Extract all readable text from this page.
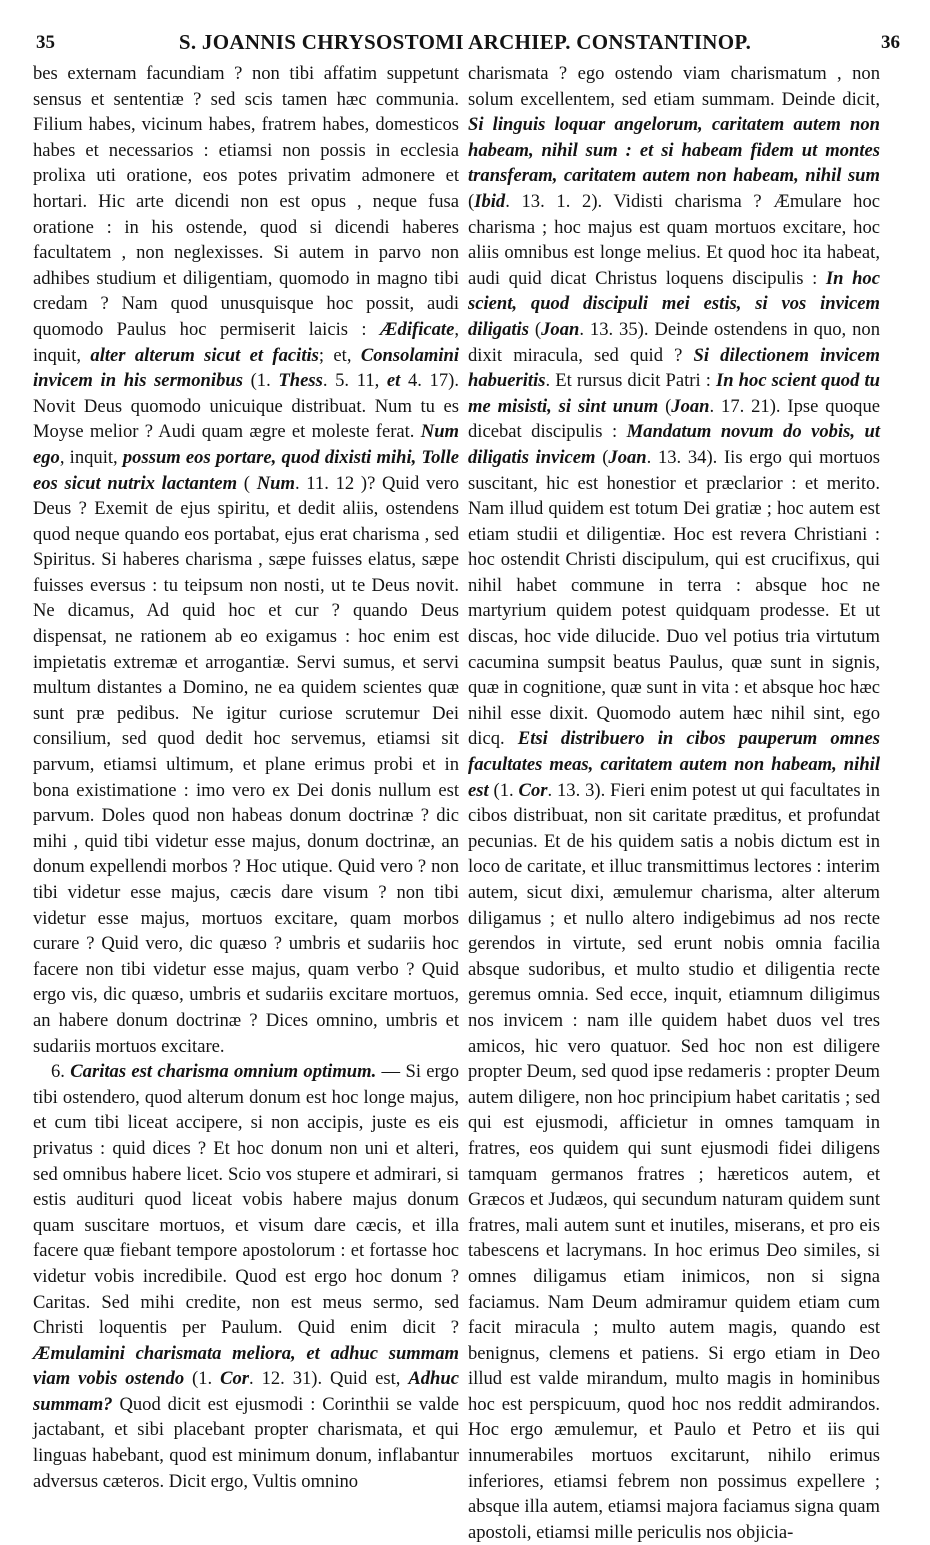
35	S. JOANNIS CHRYSOSTOMI ARCHIEP. CONSTANTINOP.	36

bes externam facundiam ? non tibi affatim suppetunt sensus et sententiæ ? sed scis tamen hæc communia. Filium habes, vicinum habes, fratrem habes, domesticos habes et necessarios : etiamsi non possis in ecclesia prolixa uti oratione, eos potes privatim admonere et hortari. Hic arte dicendi non est opus , neque fusa oratione : in his ostende, quod si dicendi haberes facultatem , non neglexisses. Si autem in parvo non adhibes studium et diligentiam, quomodo in magno tibi credam ? Nam quod unusquisque hoc possit, audi quomodo Paulus hoc permiserit laicis : Ædificate, inquit, alter alterum sicut et facitis; et, Consolamini invicem in his sermonibus (1. Thess. 5. 11, et 4. 17). Novit Deus quomodo unicuique distribuat. Num tu es Moyse melior ? Audi quam ægre et moleste ferat. Num ego, inquit, possum eos portare, quod dixisti mihi, Tolle eos sicut nutrix lactantem ( Num. 11. 12 )? Quid vero Deus ? Exemit de ejus spiritu, et dedit aliis, ostendens quod neque quando eos portabat, ejus erat charisma , sed Spiritus. Si haberes charisma , sæpe fuisses elatus, sæpe fuisses eversus : tu teipsum non nosti, ut te Deus novit. Ne dicamus, Ad quid hoc et cur ? quando Deus dispensat, ne rationem ab eo exigamus : hoc enim est impietatis extremæ et arrogantiæ. Servi sumus, et servi multum distantes a Domino, ne ea quidem scientes quæ sunt præ pedibus. Ne igitur curiose scrutemur Dei consilium, sed quod dedit hoc servemus, etiamsi sit parvum, etiamsi ultimum, et plane erimus probi et in bona existimatione : imo vero ex Dei donis nullum est parvum. Doles quod non habeas donum doctrinæ ? dic mihi , quid tibi videtur esse majus, donum doctrinæ, an donum expellendi morbos ? Hoc utique. Quid vero ? non tibi videtur esse majus, cæcis dare visum ? non tibi videtur esse majus, mortuos excitare, quam morbos curare ? Quid vero, dic quæso ? umbris et sudariis hoc facere non tibi videtur esse majus, quam verbo ? Quid ergo vis, dic quæso, umbris et sudariis excitare mortuos, an habere donum doctrinæ ? Dices omnino, umbris et sudariis mortuos excitare.

6. Caritas est charisma omnium optimum. — Si ergo tibi ostendero, quod alterum donum est hoc longe majus, et cum tibi liceat accipere, si non accipis, juste es eis privatus : quid dices ? Et hoc donum non uni et alteri, sed omnibus habere licet. Scio vos stupere et admirari, si estis audituri quod liceat vobis habere majus donum quam suscitare mortuos, et visum dare cæcis, et illa facere quæ fiebant tempore apostolorum : et fortasse hoc videtur vobis incredibile. Quod est ergo hoc donum ? Caritas. Sed mihi credite, non est meus sermo, sed Christi loquentis per Paulum. Quid enim dicit ? Æmulamini charismata meliora, et adhuc summam viam vobis ostendo (1. Cor. 12. 31). Quid est, Adhuc summam? Quod dicit est ejusmodi : Corinthii se valde jactabant, et sibi placebant propter charismata, et qui linguas habebant, quod est minimum donum, inflabantur adversus cæteros. Dicit ergo, Vultis omnino

charismata ? ego ostendo viam charismatum , non solum excellentem, sed etiam summam. Deinde dicit, Si linguis loquar angelorum, caritatem autem non habeam, nihil sum : et si habeam fidem ut montes transferam, caritatem autem non habeam, nihil sum (Ibid. 13. 1. 2). Vidisti charisma ? Æmulare hoc charisma ; hoc majus est quam mortuos excitare, hoc aliis omnibus est longe melius. Et quod hoc ita habeat, audi quid dicat Christus loquens discipulis : In hoc scient, quod discipuli mei estis, si vos invicem diligatis (Joan. 13. 35). Deinde ostendens in quo, non dixit miracula, sed quid ? Si dilectionem invicem habueritis. Et rursus dicit Patri : In hoc scient quod tu me misisti, si sint unum (Joan. 17. 21). Ipse quoque dicebat discipulis : Mandatum novum do vobis, ut diligatis invicem (Joan. 13. 34). Iis ergo qui mortuos suscitant, hic est honestior et præclarior : et merito. Nam illud quidem est totum Dei gratiæ ; hoc autem est etiam studii et diligentiæ. Hoc est revera Christiani : hoc ostendit Christi discipulum, qui est crucifixus, qui nihil habet commune in terra : absque hoc ne martyrium quidem potest quidquam prodesse. Et ut discas, hoc vide dilucide. Duo vel potius tria virtutum cacumina sumpsit beatus Paulus, quæ sunt in signis, quæ in cognitione, quæ sunt in vita : et absque hoc hæc nihil esse dixit. Quomodo autem hæc nihil sint, ego dicq. Etsi distribuero in cibos pauperum omnes facultates meas, caritatem autem non habeam, nihil est (1. Cor. 13. 3). Fieri enim potest ut qui facultates in cibos distribuat, non sit caritate præditus, et profundat pecunias. Et de his quidem satis a nobis dictum est in loco de caritate, et illuc transmittimus lectores : interim autem, sicut dixi, æmulemur charisma, alter alterum diligamus ; et nullo altero indigebimus ad nos recte gerendos in virtute, sed erunt nobis omnia facilia absque sudoribus, et multo studio et diligentia recte geremus omnia. Sed ecce, inquit, etiamnum diligimus nos invicem : nam ille quidem habet duos vel tres amicos, hic vero quatuor. Sed hoc non est diligere propter Deum, sed quod ipse redameris : propter Deum autem diligere, non hoc principium habet caritatis ; sed qui est ejusmodi, afficietur in omnes tamquam in fratres, eos quidem qui sunt ejusmodi fidei diligens tamquam germanos fratres ; hæreticos autem, et Græcos et Judæos, qui secundum naturam quidem sunt fratres, mali autem sunt et inutiles, miserans, et pro eis tabescens et lacrymans. In hoc erimus Deo similes, si omnes diligamus etiam inimicos, non si signa faciamus. Nam Deum admiramur quidem etiam cum facit miracula ; multo autem magis, quando est benignus, clemens et patiens. Si ergo etiam in Deo illud est valde mirandum, multo magis in hominibus hoc est perspicuum, quod hoc nos reddit admirandos. Hoc ergo æmulemur, et Paulo et Petro et iis qui innumerabiles mortuos excitarunt, nihilo erimus inferiores, etiamsi febrem non possimus expellere ; absque illa autem, etiamsi majora faciamus signa quam apostoli, etiamsi mille periculis nos objicia-
